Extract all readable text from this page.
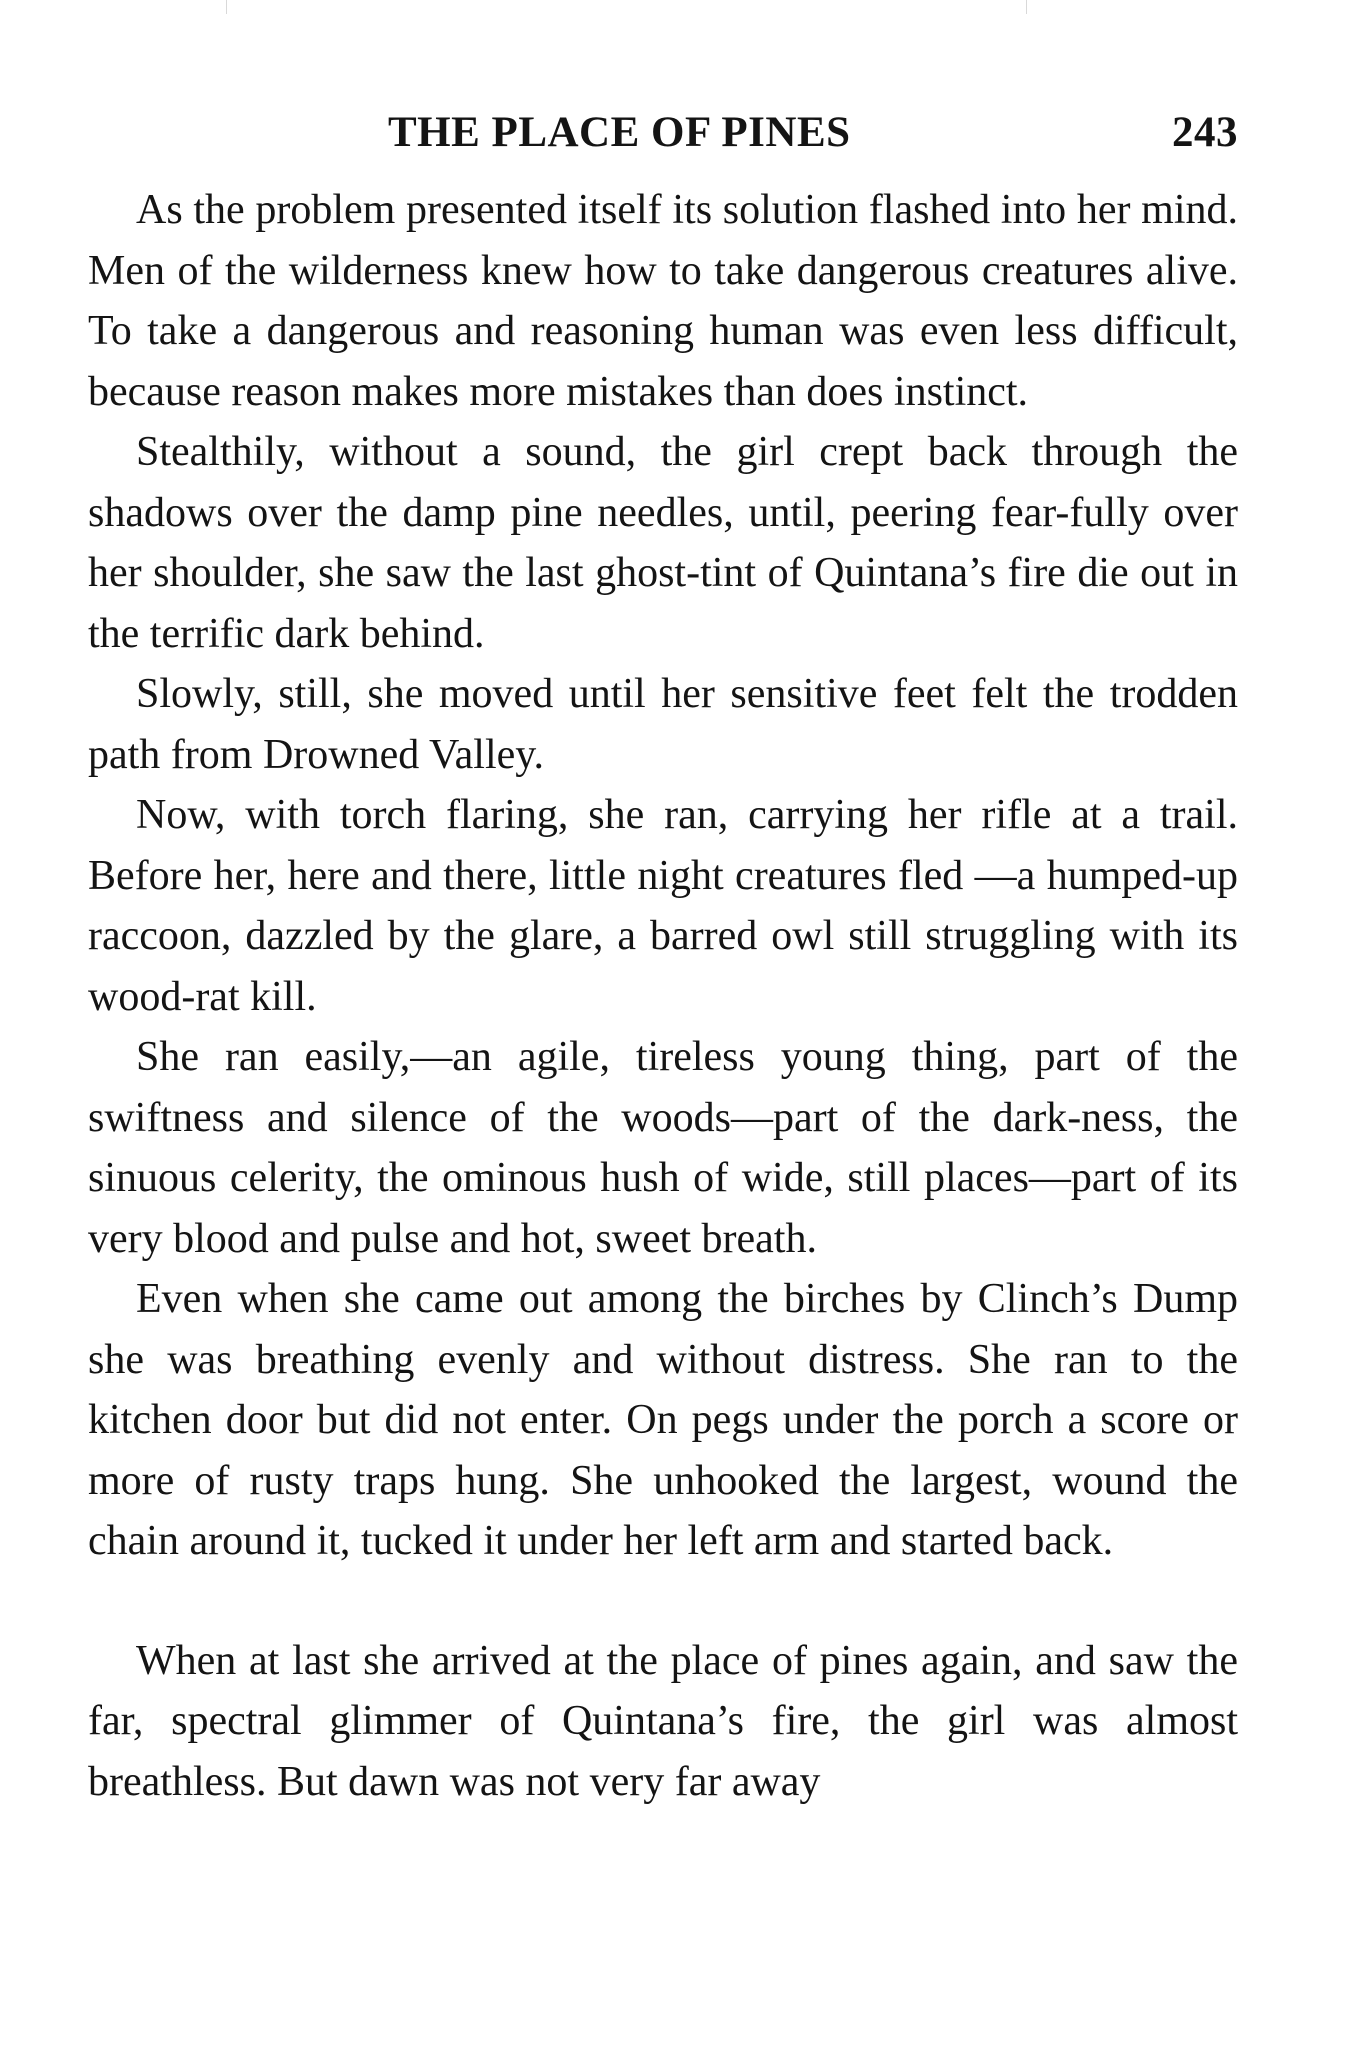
THE PLACE OF PINES	243

As the problem presented itself its solution flashed into her mind. Men of the wilderness knew how to take dangerous creatures alive. To take a dangerous and reasoning human was even less difficult, because reason makes more mistakes than does instinct.

Stealthily, without a sound, the girl crept back through the shadows over the damp pine needles, until, peering fear-fully over her shoulder, she saw the last ghost-tint of Quintana’s fire die out in the terrific dark behind.

Slowly, still, she moved until her sensitive feet felt the trodden path from Drowned Valley.

Now, with torch flaring, she ran, carrying her rifle at a trail. Before her, here and there, little night creatures fled —a humped-up raccoon, dazzled by the glare, a barred owl still struggling with its wood-rat kill.

She ran easily,—an agile, tireless young thing, part of the swiftness and silence of the woods—part of the dark-ness, the sinuous celerity, the ominous hush of wide, still places—part of its very blood and pulse and hot, sweet breath.

Even when she came out among the birches by Clinch’s Dump she was breathing evenly and without distress. She ran to the kitchen door but did not enter. On pegs under the porch a score or more of rusty traps hung. She unhooked the largest, wound the chain around it, tucked it under her left arm and started back.

When at last she arrived at the place of pines again, and saw the far, spectral glimmer of Quintana’s fire, the girl was almost breathless. But dawn was not very far away
